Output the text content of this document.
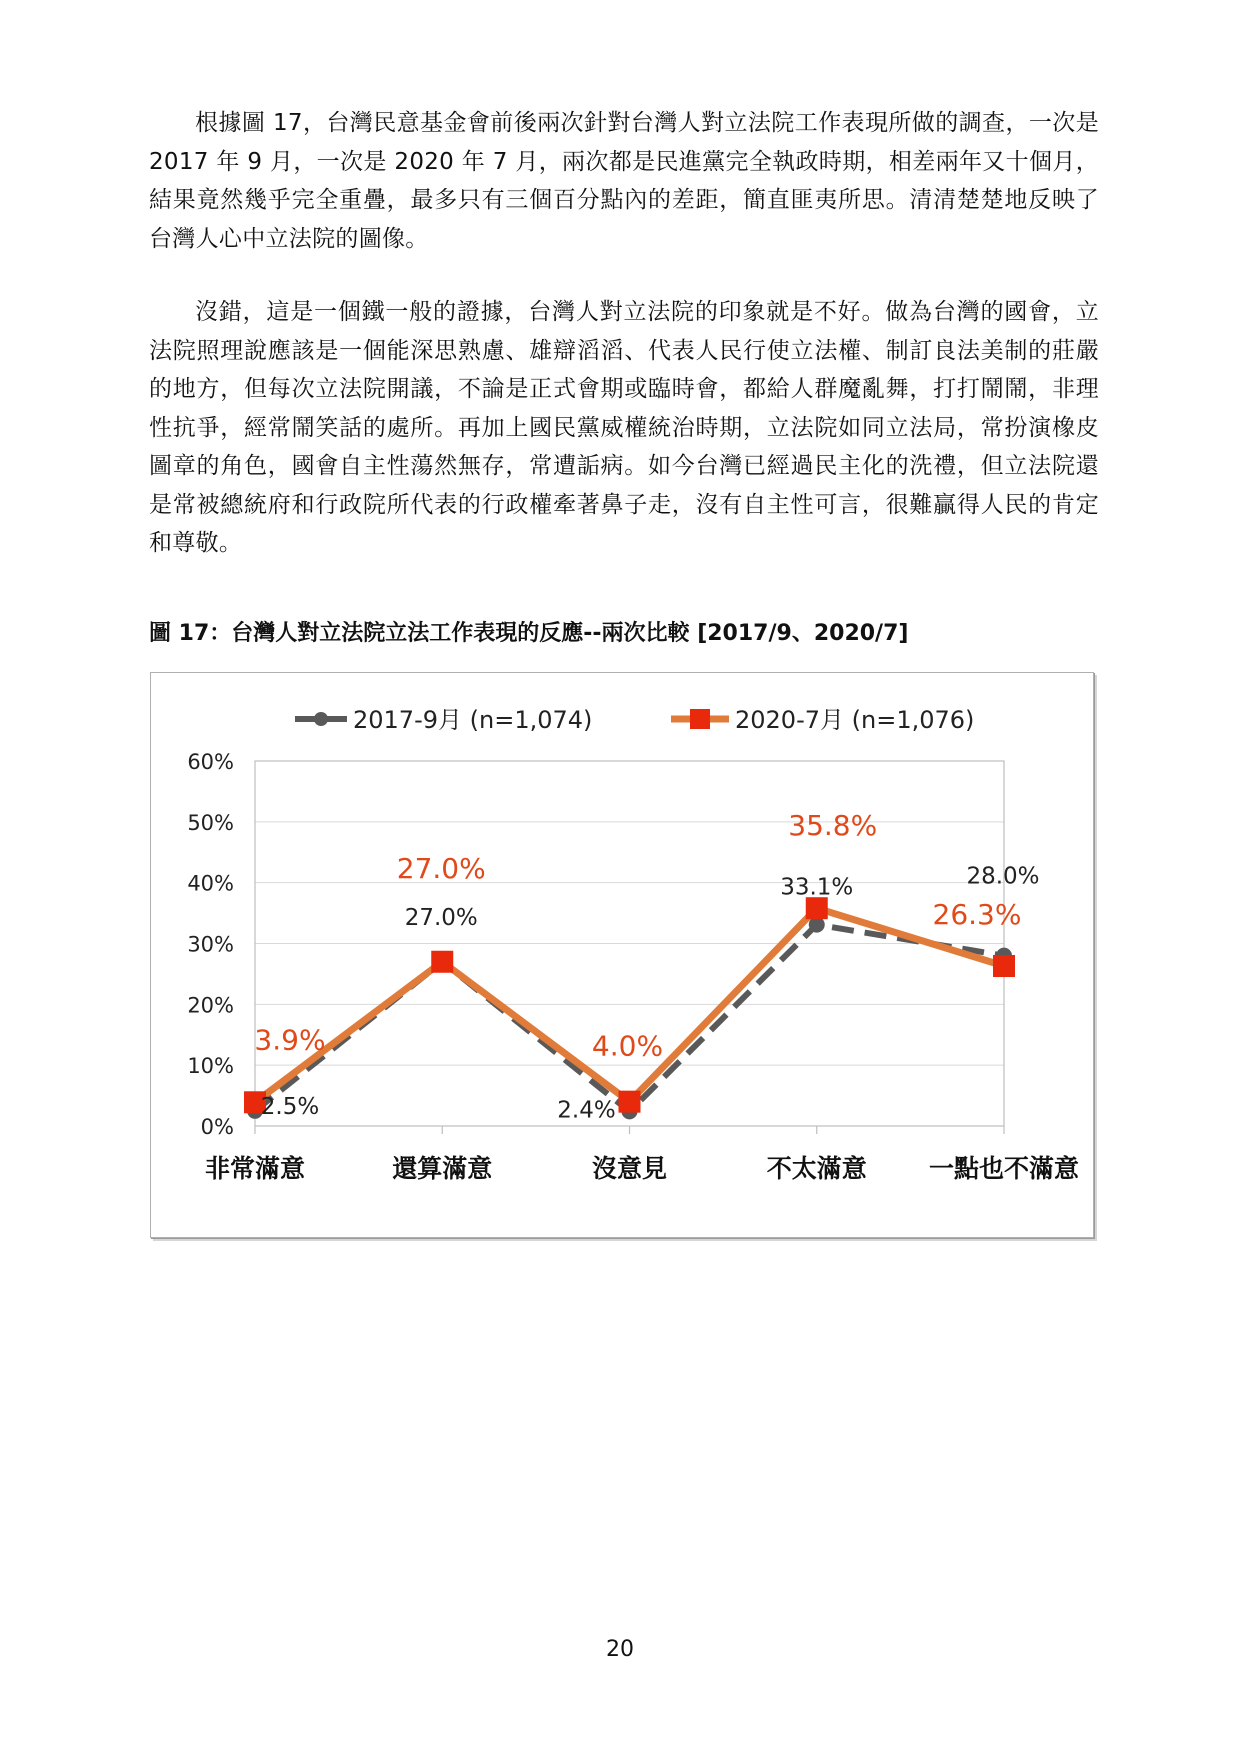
根據圖 17，台灣民意基金會前後兩次針對台灣人對立法院工作表現所做的調查，一次是 2017 年 9 月，一次是 2020 年 7 月，兩次都是民進黨完全執政時期，相差兩年又十個月，結果竟然幾乎完全重疊，最多只有三個百分點內的差距，簡直匪夷所思。清清楚楚地反映了台灣人心中立法院的圖像。

沒錯，這是一個鐵一般的證據，台灣人對立法院的印象就是不好。做為台灣的國會，立法院照理說應該是一個能深思熟慮、雄辯滔滔、代表人民行使立法權、制訂良法美制的莊嚴的地方，但每次立法院開議，不論是正式會期或臨時會，都給人群魔亂舞，打打鬧鬧，非理性抗爭，經常鬧笑話的處所。再加上國民黨威權統治時期，立法院如同立法局，常扮演橡皮圖章的角色，國會自主性蕩然無存，常遭詬病。如今台灣已經過民主化的洗禮，但立法院還是常被總統府和行政院所代表的行政權牽著鼻子走，沒有自主性可言，很難贏得人民的肯定和尊敬。

圖 17：台灣人對立法院立法工作表現的反應--兩次比較 [2017/9、2020/7]

0%
10%
20%
30%
40%
50%
60%
非常滿意	還算滿意	沒意見	不太滿意 一點也不滿意
2.5%
27.0%
2.4%
33.1%	28.0%
3.9%
27.0%
4.0%
35.8%
26.3%
2017-9月 (n=1,074)	2020-7月 (n=1,076)

20
